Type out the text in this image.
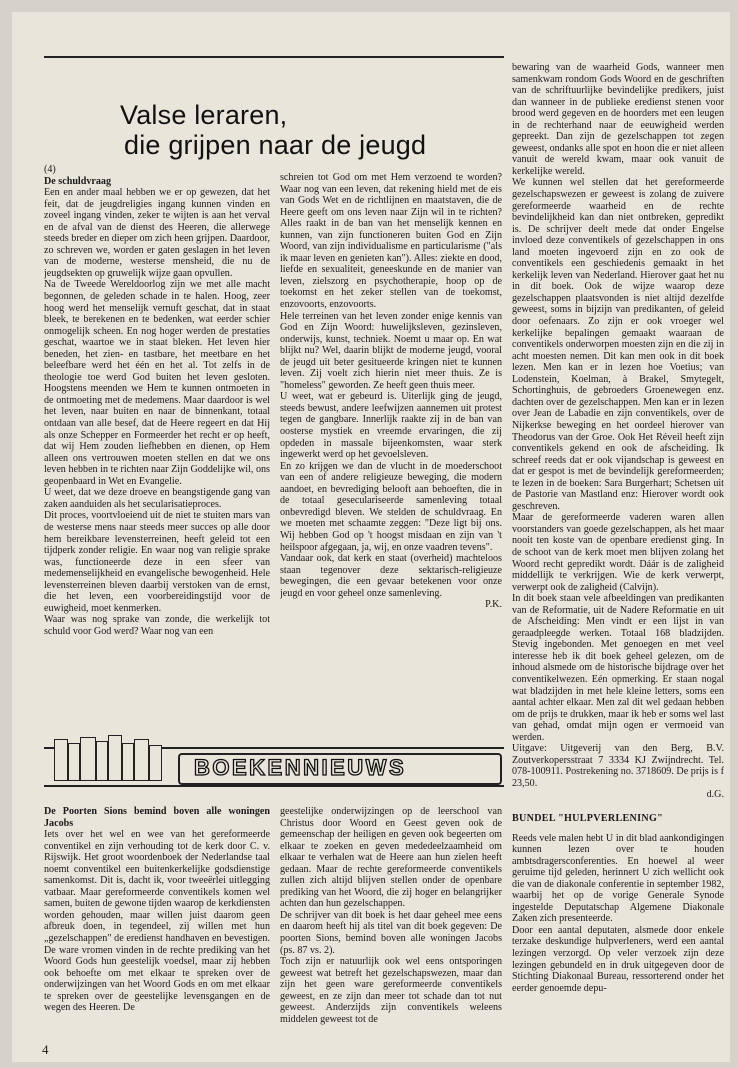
Valse leraren,
die grijpen naar de jeugd

(4)

De schuldvraag

Een en ander maal hebben we er op gewezen, dat het feit, dat de jeugdreligies ingang kunnen vinden en zoveel ingang vinden, zeker te wijten is aan het verval en de afval van de dienst des Heeren, die allerwege steeds breder en dieper om zich heen grijpen. Daardoor, zo schreven we, worden er gaten geslagen in het leven van de moderne, westerse mensheid, die nu de jeugdsekten op gruwelijk wijze gaan opvullen.

Na de Tweede Wereldoorlog zijn we met alle macht begonnen, de geleden schade in te halen. Hoog, zeer hoog werd het menselijk vernuft geschat, dat in staat bleek, te berekenen en te bedenken, wat eerder schier onmogelijk scheen. En nog hoger werden de prestaties geschat, waartoe we in staat bleken. Het leven hier beneden, het zien- en tastbare, het meetbare en het beleefbare werd het één en het al. Tot zelfs in de theologie toe werd God buiten het leven gesloten. Hoogstens meenden we Hem te kunnen ontmoeten in de ontmoeting met de medemens. Maar daardoor is wel het leven, naar buiten en naar de binnenkant, totaal ontdaan van alle besef, dat de Heere regeert en dat Hij als onze Schepper en Formeerder het recht er op heeft, dat wij Hem zouden liefhebben en dienen, op Hem alleen ons vertrouwen moeten stellen en dat we ons leven hebben in te richten naar Zijn Goddelijke wil, ons geopenbaard in Wet en Evangelie.

U weet, dat we deze droeve en beangstigende gang van zaken aanduiden als het secularisatieproces.

Dit proces, voortvloeiend uit de niet te stuiten mars van de westerse mens naar steeds meer succes op alle door hem bereikbare levensterreinen, heeft geleid tot een tijdperk zonder religie. En waar nog van religie sprake was, functioneerde deze in een sfeer van medemenselijkheid en evangelische bewogenheid. Hele levensterreinen bleven daarbij verstoken van de ernst, die het leven, een voorbereidingstijd voor de euwigheid, moet kenmerken.

Waar was nog sprake van zonde, die werkelijk tot schuld voor God werd? Waar nog van een

schreien tot God om met Hem verzoend te worden? Waar nog van een leven, dat rekening hield met de eis van Gods Wet en de richtlijnen en maatstaven, die de Heere geeft om ons leven naar Zijn wil in te richten? Alles raakt in de ban van het menselijk kennen en kunnen, van zijn functioneren buiten God en Zijn Woord, van zijn individualisme en particularisme ("als ik maar leven en genieten kan"). Alles: ziekte en dood, liefde en sexualiteit, geneeskunde en de manier van leven, zielszorg en psychotherapie, hoop op de toekomst en het zeker stellen van de toekomst, enzovoorts, enzovoorts.

Hele terreinen van het leven zonder enige kennis van God en Zijn Woord: huwelijksleven, gezinsleven, onderwijs, kunst, techniek. Noemt u maar op. En wat blijkt nu? Wel, daarin blijkt de moderne jeugd, vooral de jeugd uit beter gesitueerde kringen niet te kunnen leven. Zij voelt zich hierin niet meer thuis. Ze is "homeless" geworden. Ze heeft geen thuis meer.

U weet, wat er gebeurd is. Uiterlijk ging de jeugd, steeds bewust, andere leefwijzen aannemen uit protest tegen de gangbare. Innerlijk raakte zij in de ban van oosterse mystiek en vreemde ervaringen, die zij opdeden in massale bijeenkomsten, waar sterk ingewerkt werd op het gevoelsleven.

En zo krijgen we dan de vlucht in de moederschoot van een of andere religieuze beweging, die modern aandoet, en bevrediging belooft aan behoeften, die in de totaal geseculariseerde samenleving totaal onbevredigd bleven. We stelden de schuldvraag. En we moeten met schaamte zeggen: "Deze ligt bij ons. Wij hebben God op 't hoogst misdaan en zijn van 't heilspoor afgegaan, ja, wij, en onze vaadren tevens".

Vandaar ook, dat kerk en staat (overheid) machteloos staan tegenover deze sektarisch-religieuze bewegingen, die een gevaar betekenen voor onze jeugd en voor geheel onze samenleving.

P.K.

bewaring van de waarheid Gods, wanneer men samenkwam rondom Gods Woord en de geschriften van de schriftuurlijke bevindelijke predikers, juist dan wanneer in de publieke eredienst stenen voor brood werd gegeven en de hoorders met een leugen in de rechterhand naar de eeuwigheid werden gepreekt. Dan zijn de gezelschappen tot zegen geweest, ondanks alle spot en hoon die er niet alleen vanuit de wereld kwam, maar ook vanuit de kerkelijke wereld.

We kunnen wel stellen dat het gereformeerde gezelschapswezen er geweest is zolang de zuivere gereformeerde waarheid en de rechte bevindelijkheid kan dan niet ontbreken, gepredikt is. De schrijver deelt mede dat onder Engelse invloed deze conventikels of gezelschappen in ons land moeten ingevoerd zijn en zo ook de conventikels een geschiedenis gemaakt in het kerkelijk leven van Nederland. Hierover gaat het nu in dit boek. Ook de wijze waarop deze gezelschappen plaatsvonden is niet altijd dezelfde geweest, soms in bijzijn van predikanten, of geleid door oefenaars. Zo zijn er ook vroeger wel kerkelijke bepalingen gemaakt waaraan de conventikels onderworpen moesten zijn en die zij in acht moesten nemen. Dit kan men ook in dit boek lezen. Men kan er in lezen hoe Voetius; van Lodenstein, Koelman, à Brakel, Smytegelt, Schortinghuis, de gebroeders Groenewegen enz. dachten over de gezelschappen. Men kan er in lezen over Jean de Labadie en zijn conventikels, over de Nijkerkse beweging en het oordeel hierover van Theodorus van der Groe. Ook Het Réveil heeft zijn conventikels gekend en ook de afscheiding. Ik schreef reeds dat er ook vijandschap is geweest en dat er gespot is met de bevindelijk gereformeerden; te lezen in de boeken: Sara Burgerhart; Schetsen uit de Pastorie van Mastland enz: Hierover wordt ook geschreven.

Maar de gereformeerde vaderen waren allen voorstanders van goede gezelschappen, als het maar nooit ten koste van de openbare eredienst ging. In de schoot van de kerk moet men blijven zolang het Woord recht gepredikt wordt. Dáár is de zaligheid middellijk te verkrijgen. Wie de kerk verwerpt, verwerpt ook de zaligheid (Calvijn).

In dit boek staan vele afbeeldingen van predikanten van de Reformatie, uit de Nadere Reformatie en uit de Afscheiding: Men vindt er een lijst in van geraadpleegde werken. Totaal 168 bladzijden. Stevig ingebonden. Met genoegen en met veel interesse heb ik dit boek geheel gelezen, om de inhoud alsmede om de historische bijdrage over het conventikelwezen. Eén opmerking. Er staan nogal wat bladzijden in met hele kleine letters, soms een aantal achter elkaar. Men zal dit wel gedaan hebben om de prijs te drukken, maar ik heb er soms wel last van gehad, omdat mijn ogen er vermoeid van werden.

Uitgave: Uitgeverij van den Berg, B.V. Zoutverkopersstraat 7 3334 KJ Zwijndrecht. Tel. 078-100911. Postrekening no. 3718609. De prijs is f 23,50.

d.G.

BUNDEL "HULPVERLENING"

Reeds vele malen hebt U in dit blad aankondigingen kunnen lezen over te houden ambtsdragersconferenties. En hoewel al weer geruime tijd geleden, herinnert U zich wellicht ook die van de diakonale conferentie in september 1982, waarbij het op de vorige Generale Synode ingestelde Deputatschap Algemene Diakonale Zaken zich presenteerde.

Door een aantal deputaten, alsmede door enkele terzake deskundige hulpverleners, werd een aantal lezingen verzorgd. Op veler verzoek zijn deze lezingen gebundeld en in druk uitgegeven door de Stichting Diakonaal Bureau, ressorterend onder het eerder genoemde depu-

BOEKENNIEUWS

De Poorten Sions bemind boven alle woningen Jacobs

Iets over het wel en wee van het gereformeerde conventikel en zijn verhouding tot de kerk door C. v. Rijswijk. Het groot woordenboek der Nederlandse taal noemt conventikel een buitenkerkelijke godsdienstige samenkomst. Dit is, dacht ik, voor tweeërlei uitlegging vatbaar. Maar gereformeerde conventikels komen wel samen, buiten de gewone tijden waarop de kerkdiensten worden gehouden, maar willen juist daarom geen afbreuk doen, in tegendeel, zij willen met hun „gezelschappen" de eredienst handhaven en bevestigen. De ware vromen vinden in de rechte prediking van het Woord Gods hun geestelijk voedsel, maar zij hebben ook behoefte om met elkaar te spreken over de onderwijzingen van het Woord Gods en om met elkaar te spreken over de geestelijke levensgangen en de wegen des Heeren. De

geestelijke onderwijzingen op de leerschool van Christus door Woord en Geest geven ook de gemeenschap der heiligen en geven ook begeerten om elkaar te zoeken en geven mededeelzaamheid om elkaar te verhalen wat de Heere aan hun zielen heeft gedaan. Maar de rechte gereformeerde conventikels zullen zich altijd blijven stellen onder de openbare prediking van het Woord, die zij hoger en belangrijker achten dan hun gezelschappen.

De schrijver van dit boek is het daar geheel mee eens en daarom heeft hij als titel van dit boek gegeven: De poorten Sions, bemind boven alle woningen Jacobs (ps. 87 vs. 2).

Toch zijn er natuurlijk ook wel eens ontsporingen geweest wat betreft het gezelschapswezen, maar dan zijn het geen ware gereformeerde conventikels geweest, en ze zijn dan meer tot schade dan tot nut geweest. Anderzijds zijn conventikels weleens middelen geweest tot de

4
